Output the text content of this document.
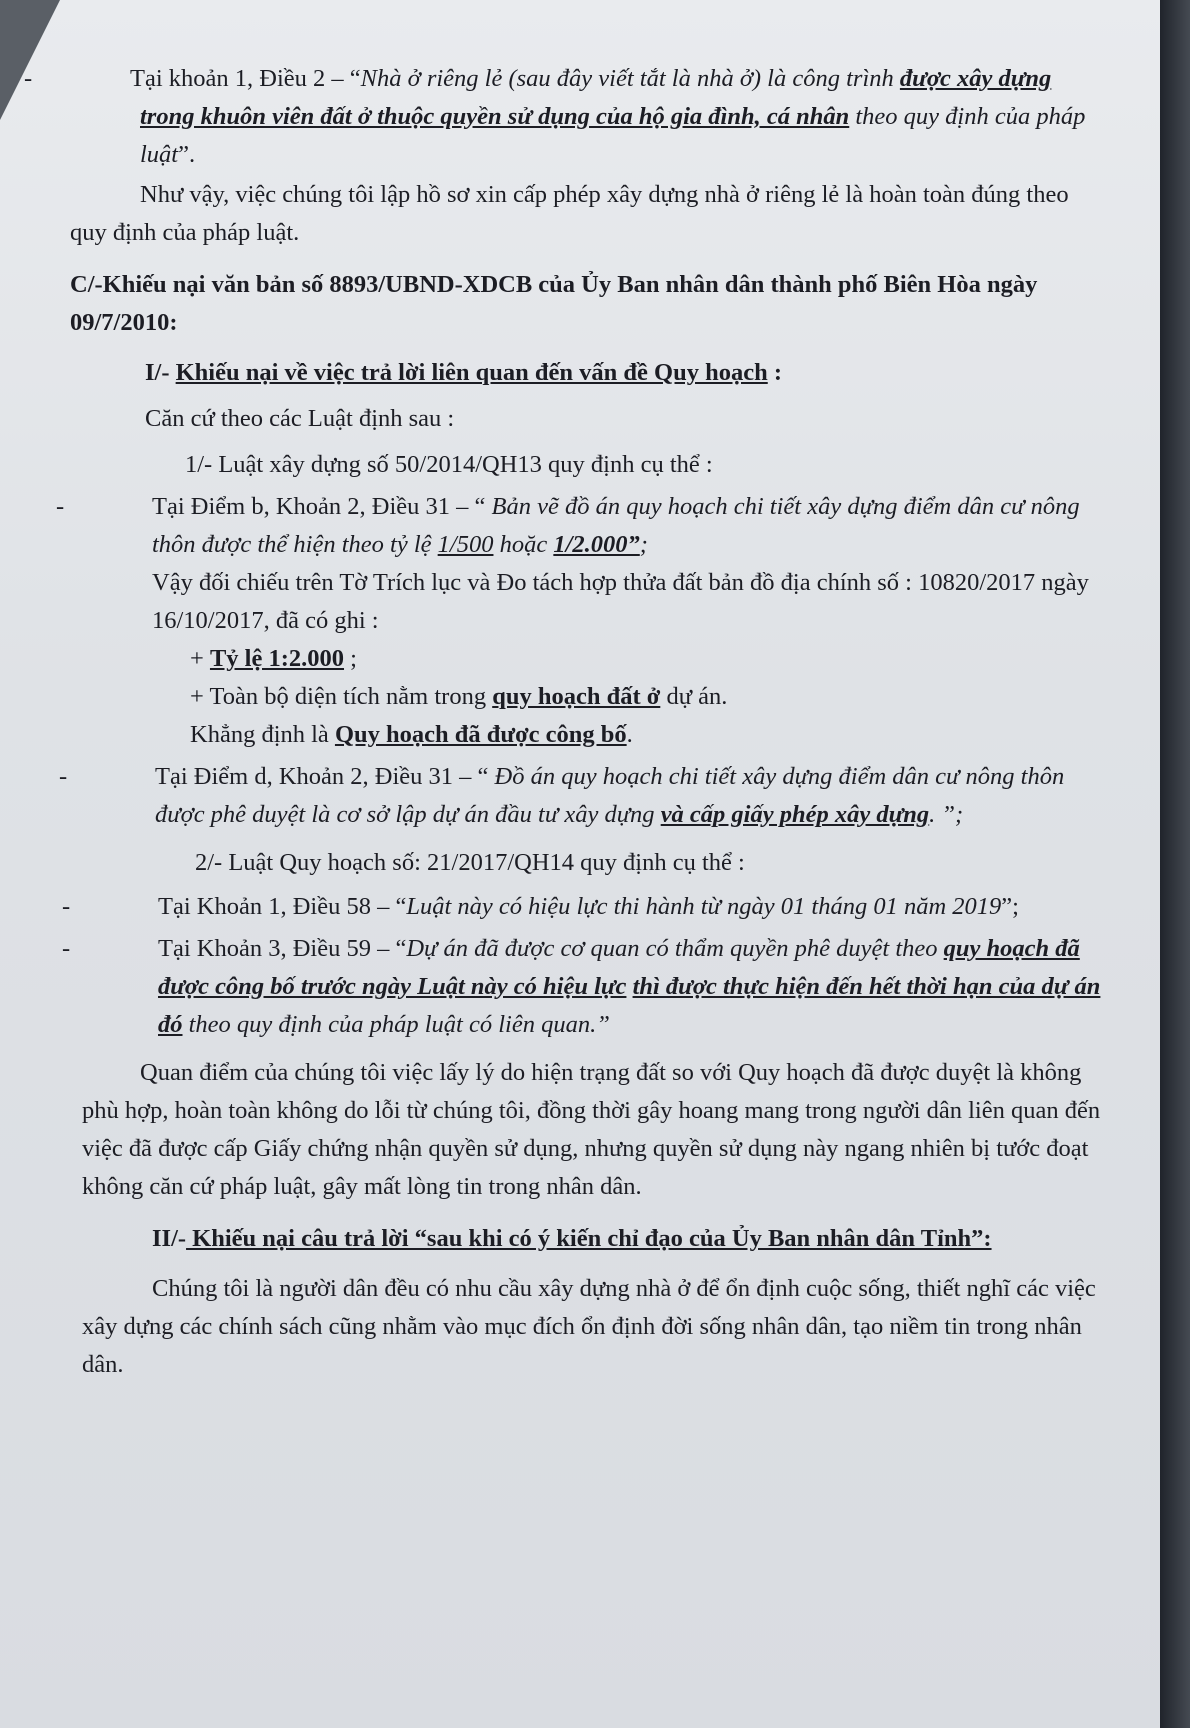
-	Tại khoản 1, Điều 2 – “Nhà ở riêng lẻ (sau đây viết tắt là nhà ở) là công trình được xây dựng trong khuôn viên đất ở thuộc quyền sử dụng của hộ gia đình, cá nhân theo quy định của pháp luật”.

Như vậy, việc chúng tôi lập hồ sơ xin cấp phép xây dựng nhà ở riêng lẻ là hoàn toàn đúng theo quy định của pháp luật.

C/-Khiếu nại văn bản số 8893/UBND-XDCB của Ủy Ban nhân dân thành phố Biên Hòa ngày 09/7/2010:

I/- Khiếu nại về việc trả lời liên quan đến vấn đề Quy hoạch :

Căn cứ theo các Luật định sau :

1/- Luật xây dựng số 50/2014/QH13 quy định cụ thể :

-	Tại Điểm b, Khoản 2, Điều 31 – “ Bản vẽ đồ án quy hoạch chi tiết xây dựng điểm dân cư nông thôn được thể hiện theo tỷ lệ 1/500 hoặc 1/2.000”;

Vậy đối chiếu trên Tờ Trích lục và Đo tách hợp thửa đất bản đồ địa chính số : 10820/2017 ngày 16/10/2017, đã có ghi :

+ Tỷ lệ 1:2.000 ;

+ Toàn bộ diện tích nằm trong quy hoạch đất ở dự án.

Khẳng định là Quy hoạch đã được công bố.

-	Tại Điểm d, Khoản 2, Điều 31 – “ Đồ án quy hoạch chi tiết xây dựng điểm dân cư nông thôn được phê duyệt là cơ sở lập dự án đầu tư xây dựng và cấp giấy phép xây dựng. ”;

2/- Luật Quy hoạch số: 21/2017/QH14 quy định cụ thể :

-	Tại Khoản 1, Điều 58 – “Luật này có hiệu lực thi hành từ ngày 01 tháng 01 năm 2019”;

-	Tại Khoản 3, Điều 59 – “Dự án đã được cơ quan có thẩm quyền phê duyệt theo quy hoạch đã được công bố trước ngày Luật này có hiệu lực thì được thực hiện đến hết thời hạn của dự án đó theo quy định của pháp luật có liên quan.”

Quan điểm của chúng tôi việc lấy lý do hiện trạng đất so với Quy hoạch đã được duyệt là không phù hợp, hoàn toàn không do lỗi từ chúng tôi, đồng thời gây hoang mang trong người dân liên quan đến việc đã được cấp Giấy chứng nhận quyền sử dụng, nhưng quyền sử dụng này ngang nhiên bị tước đoạt không căn cứ pháp luật, gây mất lòng tin trong nhân dân.

II/- Khiếu nại câu trả lời “sau khi có ý kiến chỉ đạo của Ủy Ban nhân dân Tỉnh”:

Chúng tôi là người dân đều có nhu cầu xây dựng nhà ở để ổn định cuộc sống, thiết nghĩ các việc xây dựng các chính sách cũng nhằm vào mục đích ổn định đời sống nhân dân, tạo niềm tin trong nhân dân.
